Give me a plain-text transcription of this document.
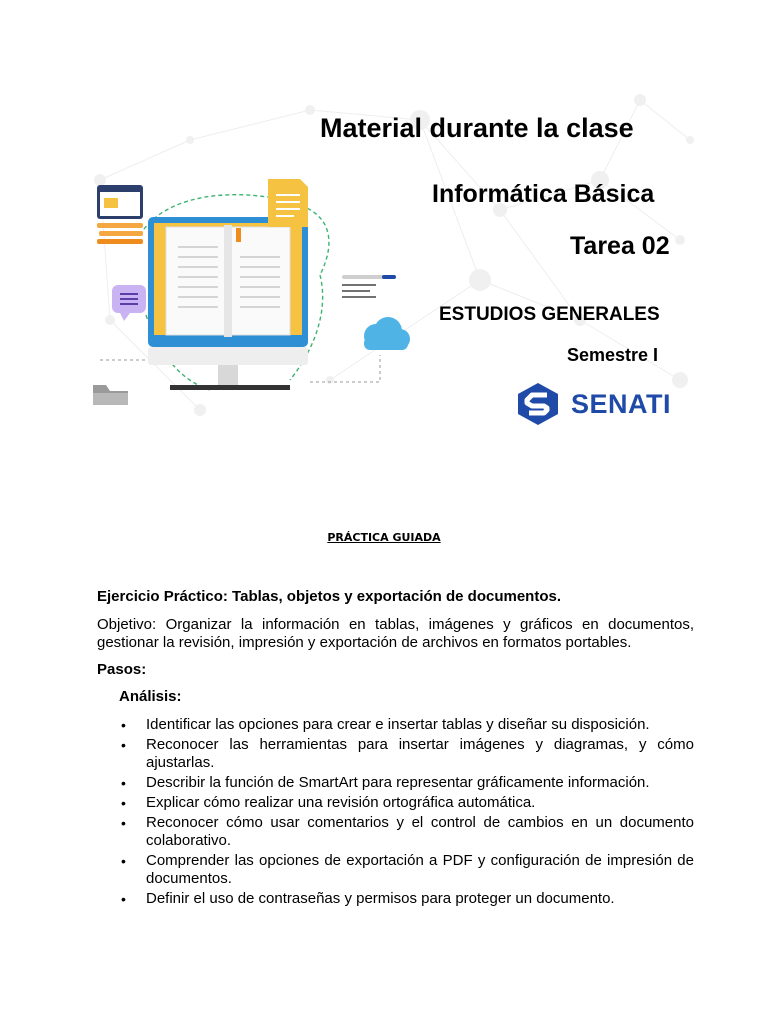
Material durante la clase
Informática Básica
Tarea 02
ESTUDIOS GENERALES
Semestre I
SENATI
PRÁCTICA GUIADA
Ejercicio Práctico: Tablas, objetos y exportación de documentos.
Objetivo: Organizar la información en tablas, imágenes y gráficos en documentos, gestionar la revisión, impresión y exportación de archivos en formatos portables.
Pasos:
Análisis:
• Identificar las opciones para crear e insertar tablas y diseñar su disposición.
• Reconocer las herramientas para insertar imágenes y diagramas, y cómo ajustarlas.
• Describir la función de SmartArt para representar gráficamente información.
• Explicar cómo realizar una revisión ortográfica automática.
• Reconocer cómo usar comentarios y el control de cambios en un documento colaborativo.
• Comprender las opciones de exportación a PDF y configuración de impresión de documentos.
• Definir el uso de contraseñas y permisos para proteger un documento.
